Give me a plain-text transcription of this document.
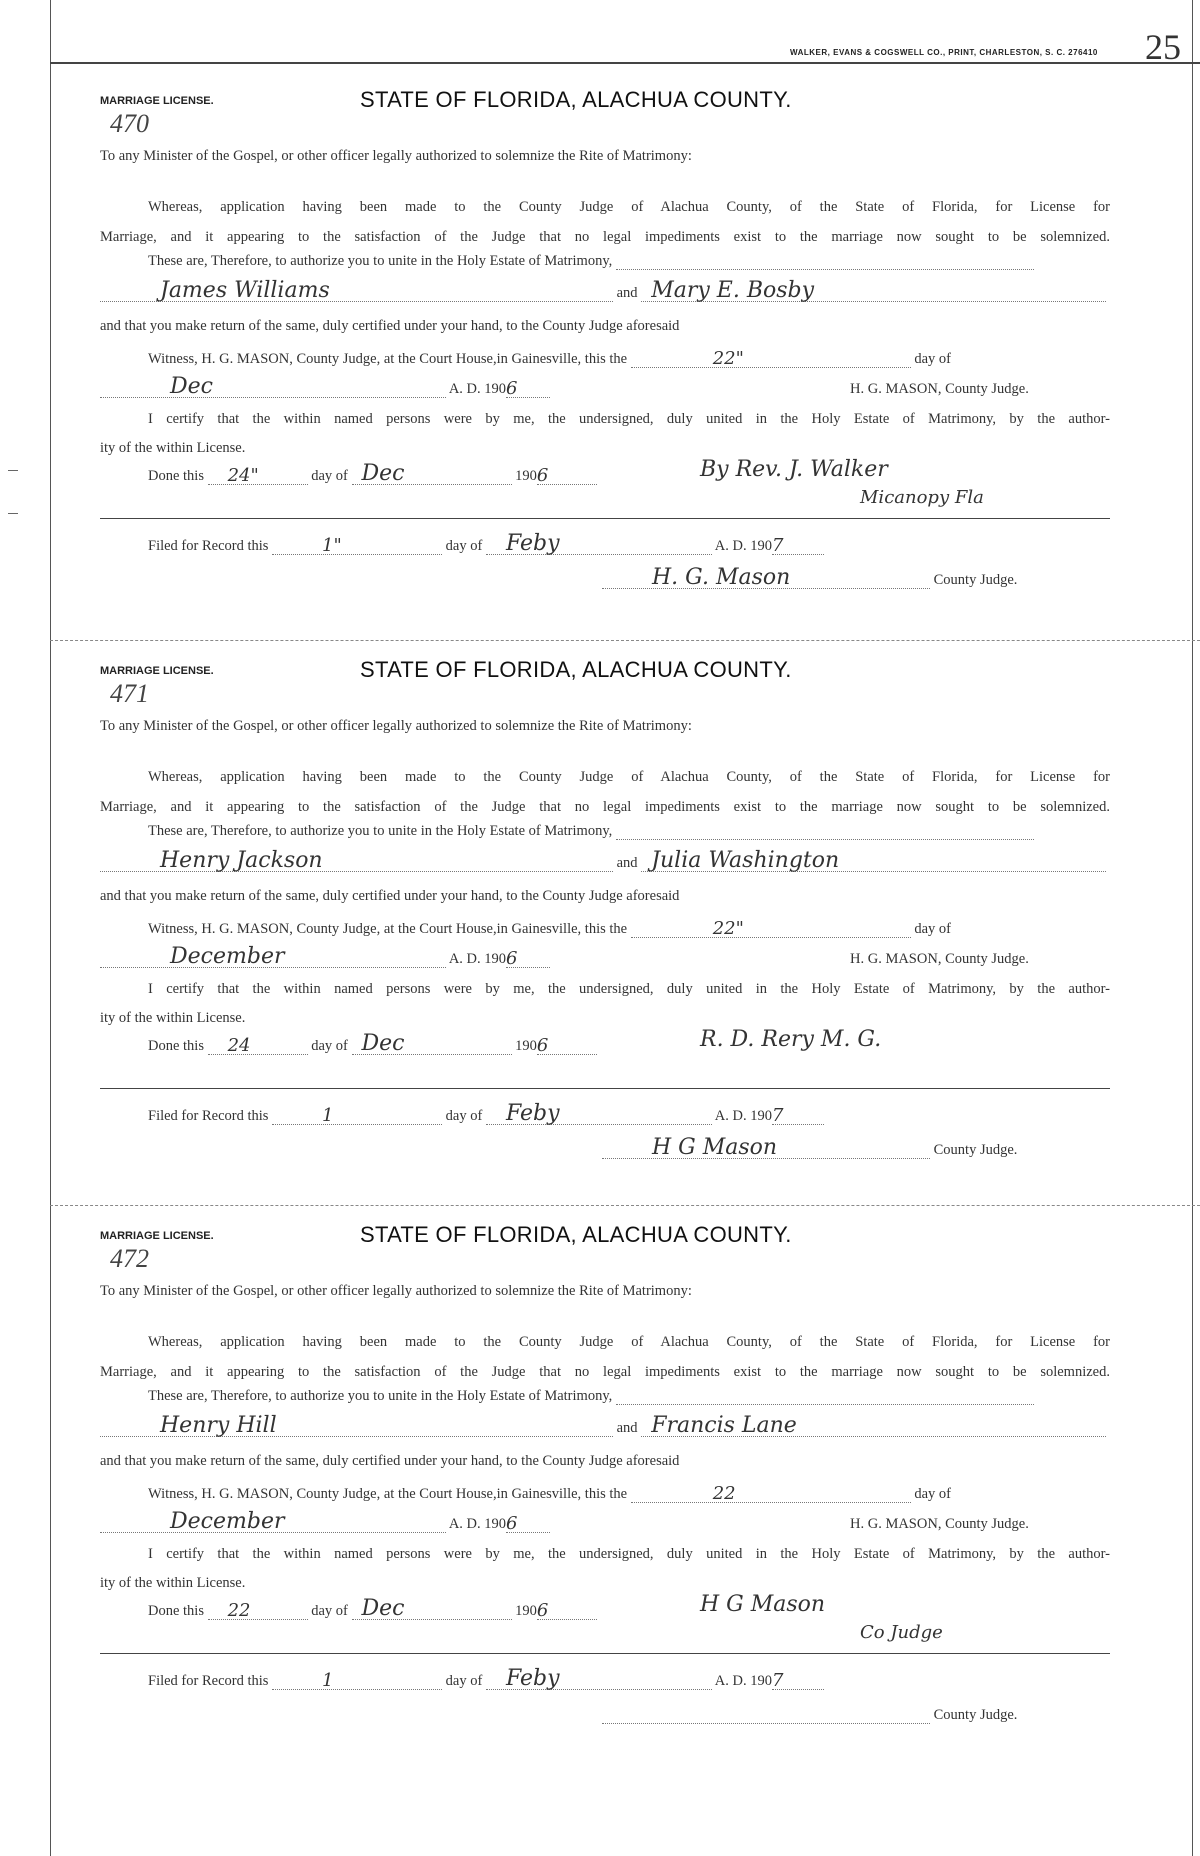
WALKER, EVANS & COGSWELL CO., PRINT, CHARLESTON, S. C. 276410 25
MARRIAGE LICENSE.
470
STATE OF FLORIDA, ALACHUA COUNTY.
To any Minister of the Gospel, or other officer legally authorized to solemnize the Rite of Matrimony:
Whereas, application having been made to the County Judge of Alachua County, of the State of Florida, for License for
Marriage, and it appearing to the satisfaction of the Judge that no legal impediments exist to the marriage now sought to be solemnized.
These are, Therefore, to authorize you to unite in the Holy Estate of Matrimony,
James Williams	and Mary E. Bosby
and that you make return of the same, duly certified under your hand, to the County Judge aforesaid
Witness, H. G. MASON, County Judge, at the Court House,in Gainesville, this the	22"	day of
Dec	A. D. 190 6	H. G. MASON, County Judge.
I certify that the within named persons were by me, the undersigned, duly united in the Holy Estate of Matrimony, by the author-
ity of the within License.
Done this 24"	day of Dec	190 6	By Rev. J. Walker
Micanopy Fla
Filed for Record this	1"	day of Feby	A. D. 190 7
H. G. Mason	County Judge.
MARRIAGE LICENSE.
471
STATE OF FLORIDA, ALACHUA COUNTY.
To any Minister of the Gospel, or other officer legally authorized to solemnize the Rite of Matrimony:
Whereas, application having been made to the County Judge of Alachua County, of the State of Florida, for License for
Marriage, and it appearing to the satisfaction of the Judge that no legal impediments exist to the marriage now sought to be solemnized.
These are, Therefore, to authorize you to unite in the Holy Estate of Matrimony,
Henry Jackson	and Julia Washington
and that you make return of the same, duly certified under your hand, to the County Judge aforesaid
Witness, H. G. MASON, County Judge, at the Court House,in Gainesville, this the	22"	day of
December	A. D. 190 6	H. G. MASON, County Judge.
I certify that the within named persons were by me, the undersigned, duly united in the Holy Estate of Matrimony, by the author-
ity of the within License.
Done this 24	day of Dec	190 6	R. D. Rery M. G.
Filed for Record this	1	day of Feby	A. D. 190 7
H G Mason	County Judge.
MARRIAGE LICENSE.
472
STATE OF FLORIDA, ALACHUA COUNTY.
To any Minister of the Gospel, or other officer legally authorized to solemnize the Rite of Matrimony:
Whereas, application having been made to the County Judge of Alachua County, of the State of Florida, for License for
Marriage, and it appearing to the satisfaction of the Judge that no legal impediments exist to the marriage now sought to be solemnized.
These are, Therefore, to authorize you to unite in the Holy Estate of Matrimony,
Henry Hill	and Francis Lane
and that you make return of the same, duly certified under your hand, to the County Judge aforesaid
Witness, H. G. MASON, County Judge, at the Court House,in Gainesville, this the	22	day of
December	A. D. 190 6	H. G. MASON, County Judge.
I certify that the within named persons were by me, the undersigned, duly united in the Holy Estate of Matrimony, by the author-
ity of the within License.
Done this 22	day of Dec	190 6	H G Mason
Co Judge
Filed for Record this	1	day of Feby	A. D. 190 7
County Judge.
